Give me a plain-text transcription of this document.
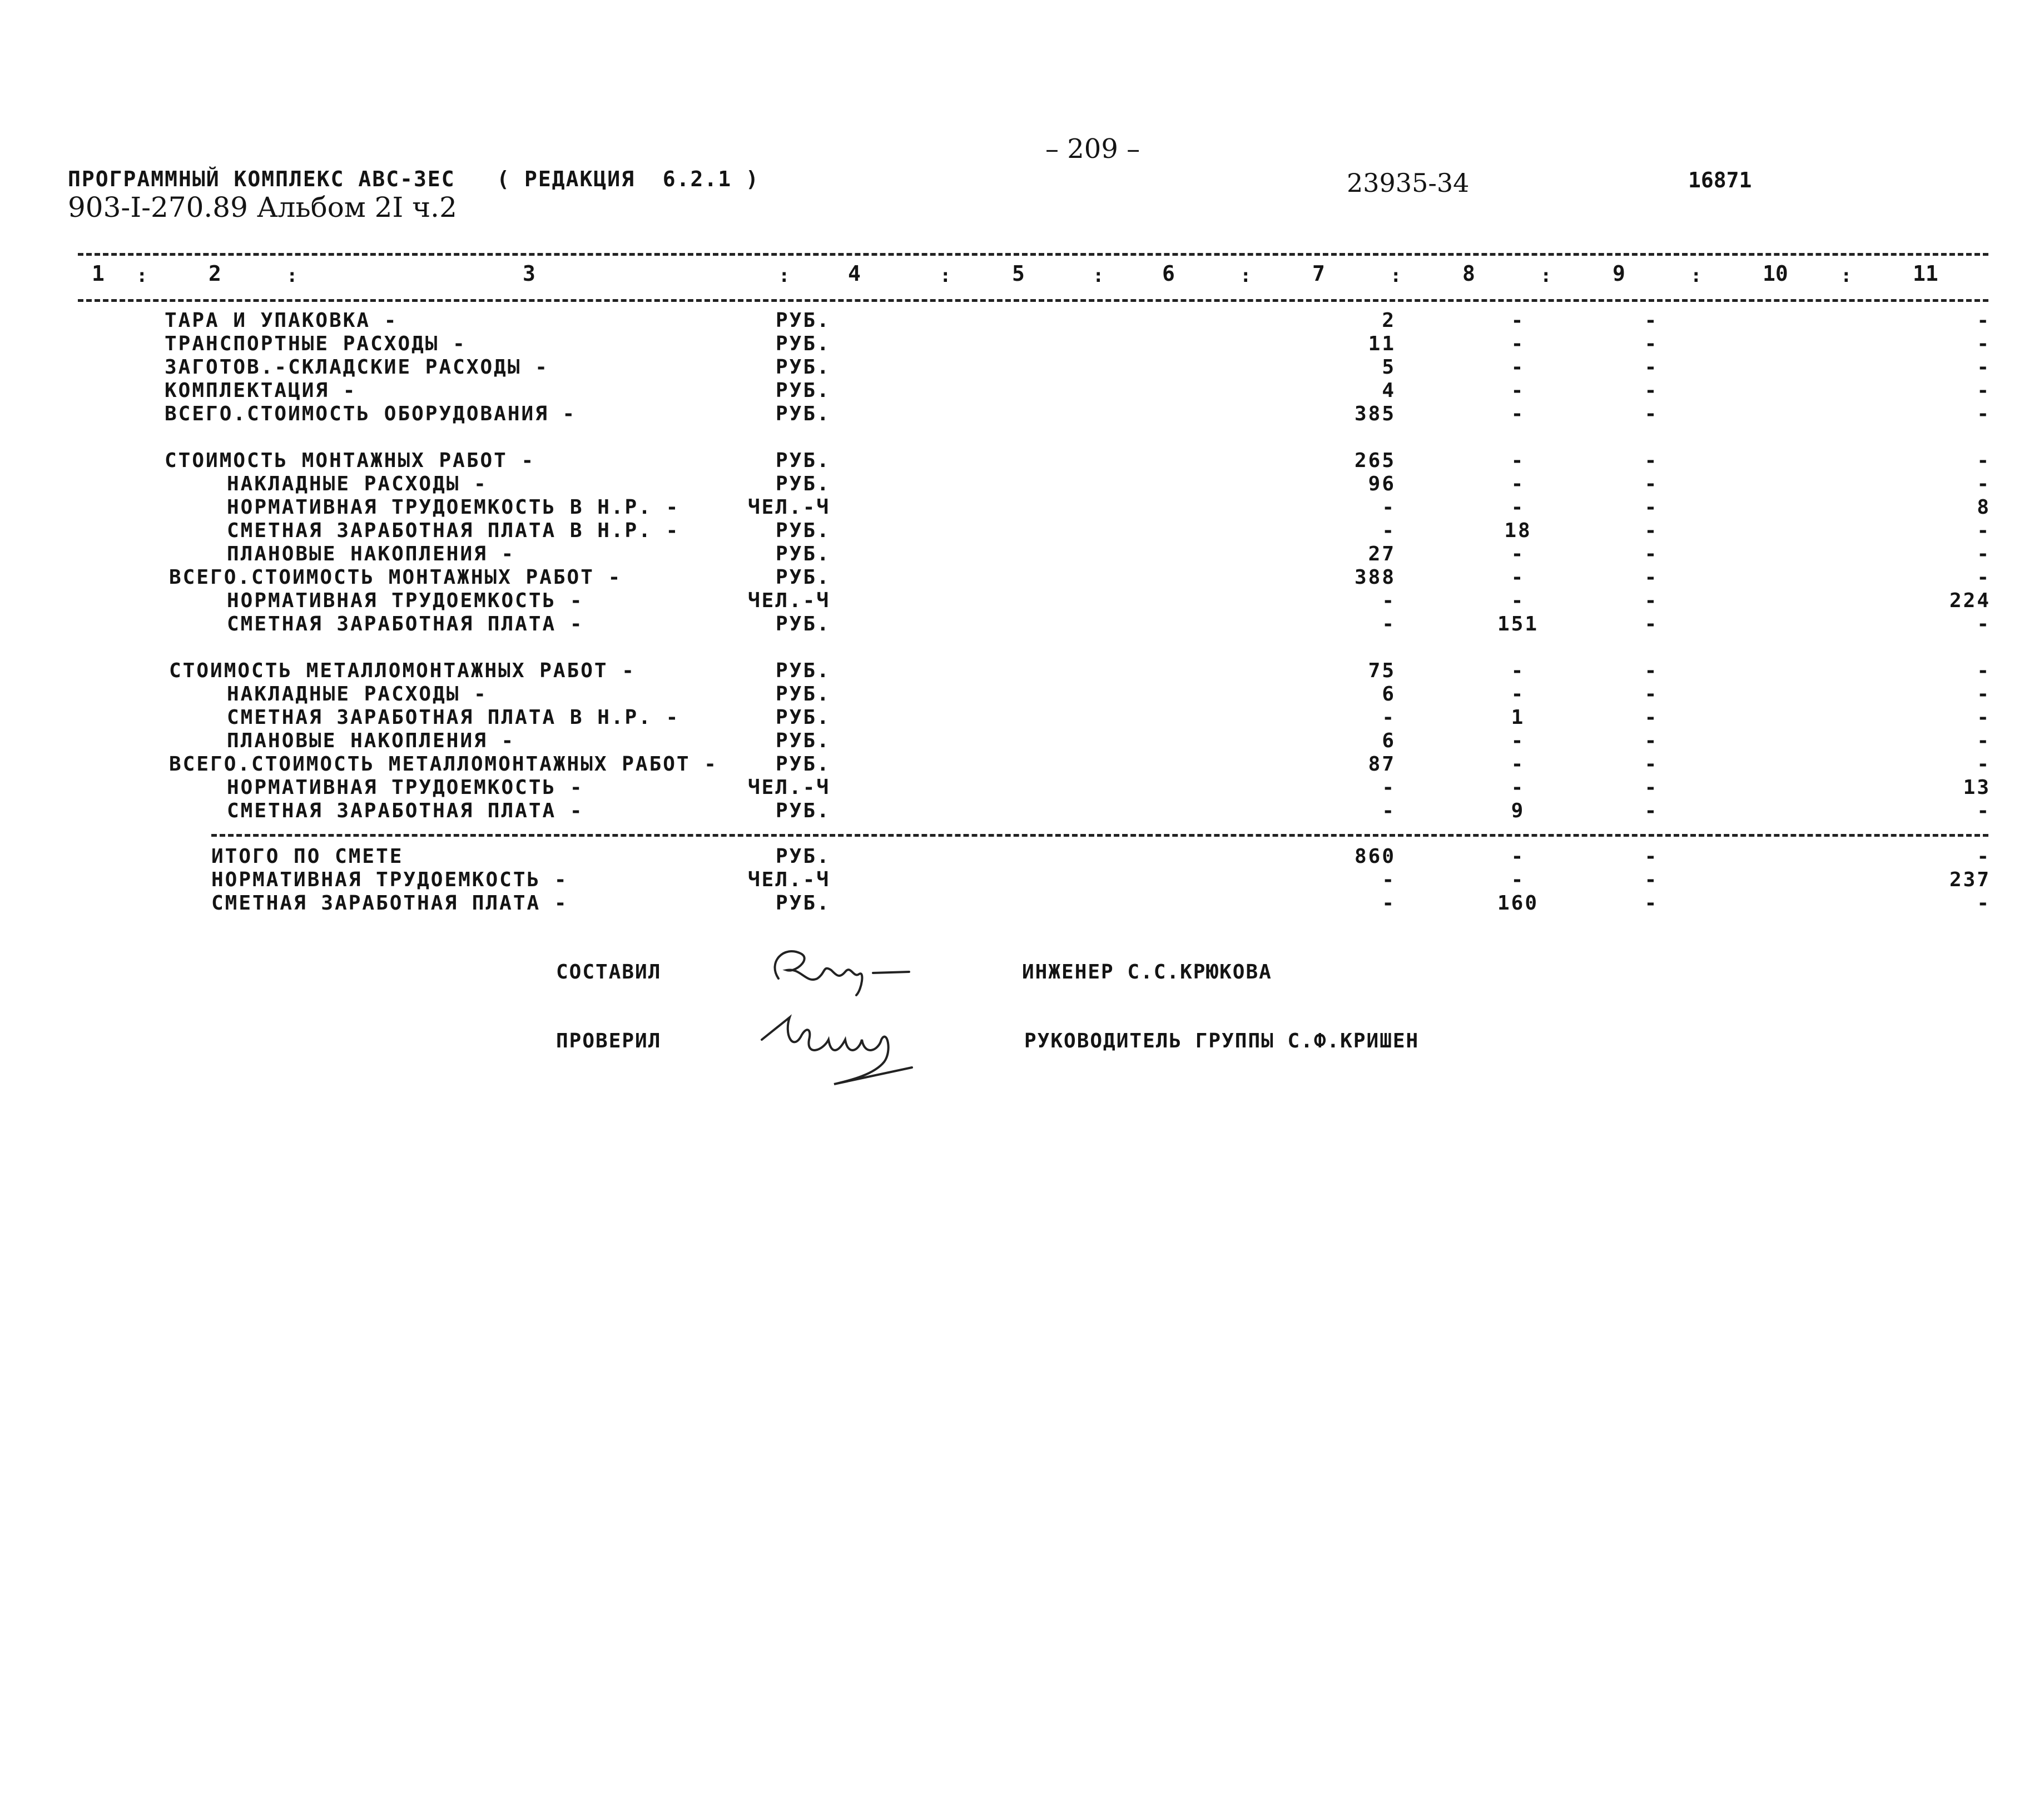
– 209 –
ПРОГРАММНЫЙ КОМПЛЕКС АВС-3ЕС   ( РЕДАКЦИЯ  6.2.1 )
903-I-270.89 Альбом 2I ч.2
23935-34	16871
1 :	2	:	3	:	4	:	5	:	6	:	7	:	8	:	9	:	10	:	11
ТАРА И УПАКОВКА -	РУБ.	2	-	-	-
ТРАНСПОРТНЫЕ РАСХОДЫ -	РУБ.	11	-	-	-
ЗАГОТОВ.-СКЛАДСКИЕ РАСХОДЫ -	РУБ.	5	-	-	-
КОМПЛЕКТАЦИЯ -	РУБ.	4	-	-	-
ВСЕГО.СТОИМОСТЬ ОБОРУДОВАНИЯ -	РУБ.	385	-	-	-
СТОИМОСТЬ МОНТАЖНЫХ РАБОТ -	РУБ.	265	-	-	-
НАКЛАДНЫЕ РАСХОДЫ -	РУБ.	96	-	-	-
НОРМАТИВНАЯ ТРУДОЕМКОСТЬ В Н.Р. -	ЧЕЛ.-Ч	-	-	-	8
СМЕТНАЯ ЗАРАБОТНАЯ ПЛАТА В Н.Р. -	РУБ.	-	18	-	-
ПЛАНОВЫЕ НАКОПЛЕНИЯ -	РУБ.	27	-	-	-
ВСЕГО.СТОИМОСТЬ МОНТАЖНЫХ РАБОТ -	РУБ.	388	-	-	-
НОРМАТИВНАЯ ТРУДОЕМКОСТЬ -	ЧЕЛ.-Ч	-	-	-	224
СМЕТНАЯ ЗАРАБОТНАЯ ПЛАТА -	РУБ.	-	151	-	-
СТОИМОСТЬ МЕТАЛЛОМОНТАЖНЫХ РАБОТ -	РУБ.	75	-	-	-
НАКЛАДНЫЕ РАСХОДЫ -	РУБ.	6	-	-	-
СМЕТНАЯ ЗАРАБОТНАЯ ПЛАТА В Н.Р. -	РУБ.	-	1	-	-
ПЛАНОВЫЕ НАКОПЛЕНИЯ -	РУБ.	6	-	-	-
ВСЕГО.СТОИМОСТЬ МЕТАЛЛОМОНТАЖНЫХ РАБОТ -	РУБ.	87	-	-	-
НОРМАТИВНАЯ ТРУДОЕМКОСТЬ -	ЧЕЛ.-Ч	-	-	-	13
СМЕТНАЯ ЗАРАБОТНАЯ ПЛАТА -	РУБ.	-	9	-	-
ИТОГО ПО СМЕТЕ	РУБ.	860	-	-	-
НОРМАТИВНАЯ ТРУДОЕМКОСТЬ -	ЧЕЛ.-Ч	-	-	-	237
СМЕТНАЯ ЗАРАБОТНАЯ ПЛАТА -	РУБ.	-	160	-	-
СОСТАВИЛ	ИНЖЕНЕР С.С.КРЮКОВА
ПРОВЕРИЛ	РУКОВОДИТЕЛЬ ГРУППЫ С.Ф.КРИШЕН
